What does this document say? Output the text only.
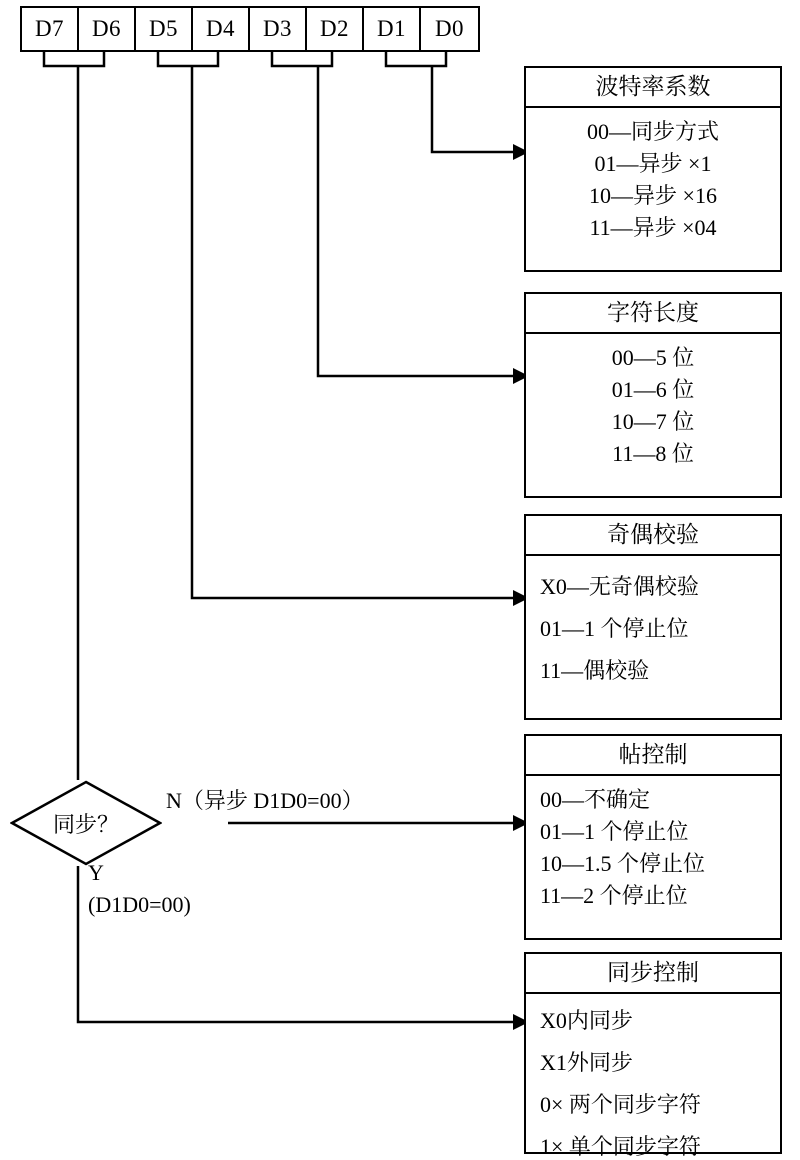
D7	D6	D5	D4	D3	D2	D1	D0
波特率系数
00—同步方式
01—异步 ×1
10—异步 ×16
11—异步 ×04
字符长度
00—5 位
01—6 位
10—7 位
11—8 位
奇偶校验
X0—无奇偶校验
01—1 个停止位
11—偶校验
帖控制
00—不确定
01—1 个停止位
10—1.5 个停止位
11—2 个停止位
同步控制
X0内同步
X1外同步
0× 两个同步字符
1× 单个同步字符
同步？
N（异步 D1D0=00）
Y
(D1D0=00)
